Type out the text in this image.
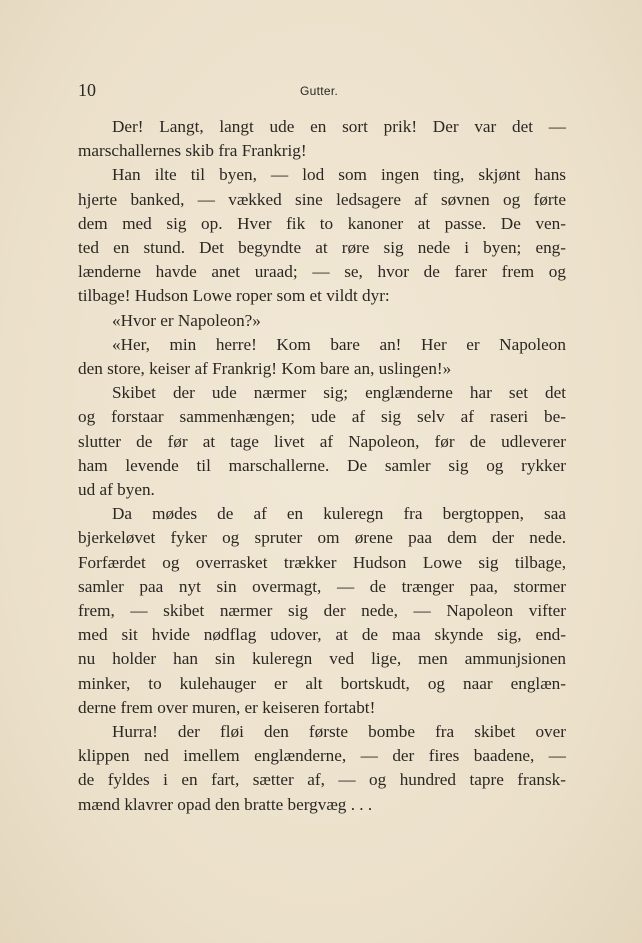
10	Gutter.

Der! Langt, langt ude en sort prik! Der var det —
marschallernes skib fra Frankrig!

Han ilte til byen, — lod som ingen ting, skjønt hans
hjerte banked, — vækked sine ledsagere af søvnen og førte
dem med sig op. Hver fik to kanoner at passe. De ven-
ted en stund. Det begyndte at røre sig nede i byen; eng-
lænderne havde anet uraad; — se, hvor de farer frem og
tilbage! Hudson Lowe roper som et vildt dyr:

«Hvor er Napoleon?»

«Her, min herre! Kom bare an! Her er Napoleon
den store, keiser af Frankrig! Kom bare an, uslingen!»

Skibet der ude nærmer sig; englænderne har set det
og forstaar sammenhængen; ude af sig selv af raseri be-
slutter de før at tage livet af Napoleon, før de udleverer
ham levende til marschallerne. De samler sig og rykker
ud af byen.

Da mødes de af en kuleregn fra bergtoppen, saa
bjerkeløvet fyker og spruter om ørene paa dem der nede.
Forfærdet og overrasket trækker Hudson Lowe sig tilbage,
samler paa nyt sin overmagt, — de trænger paa, stormer
frem, — skibet nærmer sig der nede, — Napoleon vifter
med sit hvide nødflag udover, at de maa skynde sig, end-
nu holder han sin kuleregn ved lige, men ammunjsionen
minker, to kulehauger er alt bortskudt, og naar englæn-
derne frem over muren, er keiseren fortabt!

Hurra! der fløi den første bombe fra skibet over
klippen ned imellem englænderne, — der fires baadene, —
de fyldes i en fart, sætter af, — og hundred tapre fransk-
mænd klavrer opad den bratte bergvæg . . .
